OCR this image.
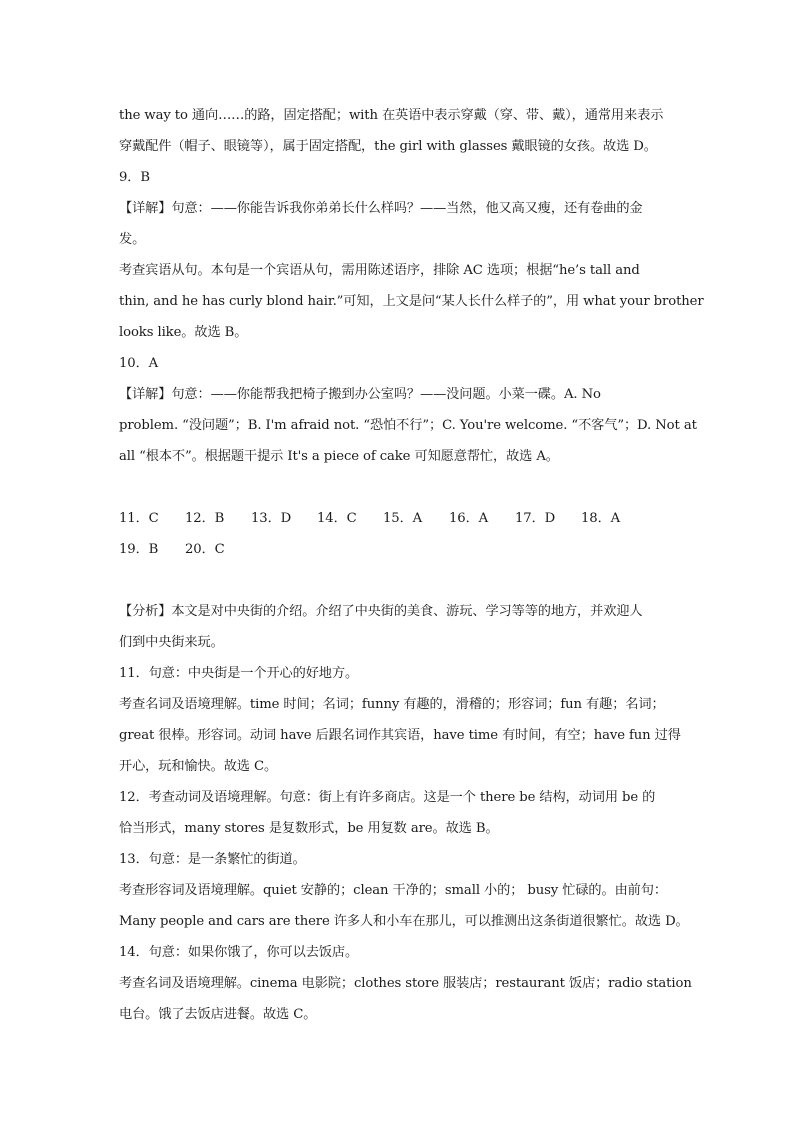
the way to 通向……的路，固定搭配；with 在英语中表示穿戴（穿、带、戴），通常用来表示
穿戴配件（帽子、眼镜等），属于固定搭配，the girl with glasses 戴眼镜的女孩。故选 D。
9．B
【详解】句意：——你能告诉我你弟弟长什么样吗？——当然，他又高又瘦，还有卷曲的金
发。
考查宾语从句。本句是一个宾语从句，需用陈述语序，排除 AC 选项；根据“he’s tall and
thin, and he has curly blond hair.”可知，上文是问“某人长什么样子的”，用 what your brother
looks like。故选 B。
10．A
【详解】句意：——你能帮我把椅子搬到办公室吗？——没问题。小菜一碟。A. No
problem. “没问题”；B. I'm afraid not. “恐怕不行”；C. You're welcome. “不客气”；D. Not at
all “根本不”。根据题干提示 It's a piece of cake 可知愿意帮忙，故选 A。
11．C	12．B	13．D	14．C	15．A	16．A	17．D	18．A
19．B	20．C
【分析】本文是对中央街的介绍。介绍了中央街的美食、游玩、学习等等的地方，并欢迎人
们到中央街来玩。
11．句意：中央街是一个开心的好地方。
考查名词及语境理解。time 时间；名词；funny 有趣的，滑稽的；形容词；fun 有趣；名词；
great 很棒。形容词。动词 have 后跟名词作其宾语，have time 有时间，有空；have fun 过得
开心，玩和愉快。故选 C。
12．考查动词及语境理解。句意：街上有许多商店。这是一个 there be 结构，动词用 be 的
恰当形式，many stores 是复数形式，be 用复数 are。故选 B。
13．句意：是一条繁忙的街道。
考查形容词及语境理解。quiet 安静的；clean 干净的；small 小的； busy 忙碌的。由前句：
Many people and cars are there 许多人和小车在那儿，可以推测出这条街道很繁忙。故选 D。
14．句意：如果你饿了，你可以去饭店。
考查名词及语境理解。cinema 电影院；clothes store 服装店；restaurant 饭店；radio station
电台。饿了去饭店进餐。故选 C。
